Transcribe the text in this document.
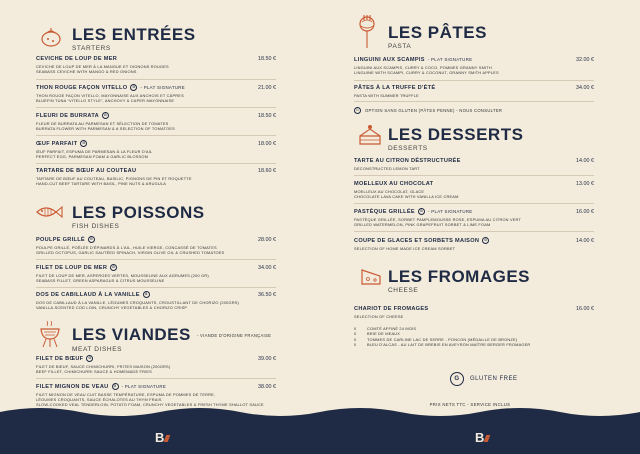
LES ENTRÉES
STARTERS
CEVICHE DE LOUP DE MER	18.50 €
CEVICHE DE LOUP DE MER À LA MANGUE ET OIGNONS ROUGES
SEABASS CEVICHE WITH MANGO & RED ONIONS
THON ROUGE FAÇON VITELLO G - PLAT SIGNATURE	21.00 €
THON ROUGE FAÇON VITELLO, MAYONNAISE AUX ANCHOIS ET CÂPRES
BLUEFIN TUNA “VITELLO STYLE”, ANCHOVY & CAPER MAYONNAISE
FLEURI DE BURRATA G	18.50 €
FLEUR DE BURRATA AU PARMESAN ET SÉLECTION DE TOMATES
BURRATA FLOWER WITH PARMESAN & A SELECTION OF TOMATOES
ŒUF PARFAIT G	18.00 €
ŒUF PARFAIT, ESPUMA DE PARMESAN À LA FLEUR D'AIL
PERFECT EGG, PARMESAN FOAM & GARLIC BLOSSOM
TARTARE DE BŒUF AU COUTEAU	18.60 €
TARTARE DE BŒUF AU COUTEAU, BASILIC, PIGNONS DE PIN ET ROQUETTE
HAND-CUT BEEF TARTARE WITH BASIL, PINE NUTS & ARUGULA
LES POISSONS
FISH DISHES
POULPE GRILLÉ G	28.00 €
POULPE GRILLÉ, POÊLÉE D'ÉPINARDS À L'AIL, HUILE VIERGE, CONCASSÉ DE TOMATES
GRILLED OCTOPUS, GARLIC SAUTÉED SPINACH, VIRGIN OLIVE OIL & CRUSHED TOMATOES
FILET DE LOUP DE MER G	34.00 €
FILET DE LOUP DE MER, ASPERGES VERTES, MOUSSELINE AUX AGRUMES (200 GR)
SEABASS FILLET, GREEN ASPARAGUS & CITRUS MOUSSELINE
DOS DE CABILLAUD À LA VANILLE G	36.50 €
DOS DE CABILLAUD À LA VANILLE, LÉGUMES CROQUANTS, CROUSTILLANT DE CHORIZO (200GRS)
VANILLA-SCENTED COD LOIN, CRUNCHY VEGETABLES & CHORIZO CRISP
LES VIANDES - VIANDE D'ORIGINE FRANÇAISE
MEAT DISHES
FILET DE BŒUF G	39.00 €
FILET DE BŒUF, SAUCE CHIMICHURRI, FRITES MAISON (200GRS)
BEEF FILLET, CHIMICHURRI SAUCE & HOMEMADE FRIES
FILET MIGNON DE VEAU G - PLAT SIGNATURE	38.00 €
FILET MIGNON DE VEAU CUIT BASSE TEMPÉRATURE, ESPUMA DE POMMES DE TERRE,
LÉGUMES CROQUANTS, SAUCE ÉCHALOTES AU THYM FRAIS
SLOW-COOKED VEAL TENDERLOIN, POTATO FOAM, CRUNCHY VEGETABLES & FRESH THYME SHALLOT SAUCE
LES PÂTES
PASTA
LINGUINI AUX SCAMPIS - PLAT SIGNATURE	32.00 €
LINGUINI AUX SCAMPIS, CURRY & COCO, POMMES GRANNY SMITH
LINGUINE WITH SCAMPI, CURRY & COCONUT, GRANNY SMITH APPLES
PÂTES À LA TRUFFE D'ÉTÉ	34.00 €
PASTA WITH SUMMER TRUFFLE
G	OPTION SANS GLUTEN (PÂTES PENNE) - NOUS CONSULTER
LES DESSERTS
DESSERTS
TARTE AU CITRON DÉSTRUCTURÉE	14.00 €
DECONSTRUCTED LEMON TART
MOELLEUX AU CHOCOLAT	13.00 €
MOELLEUX AU CHOCOLAT, GLACE
CHOCOLATE LAVA CAKE WITH VANILLA ICE CREAM
PASTÈQUE GRILLÉE G - PLAT SIGNATURE	16.00 €
PASTÈQUE GRILLÉE, SORBET PAMPLEMOUSSE ROSE, ESPUMA AU CITRON VERT
GRILLED WATERMELON, PINK GRAPEFRUIT SORBET & LIME FOAM
COUPE DE GLACES ET SORBETS MAISON G	14.00 €
SELECTION OF HOME MADE ICE CREAM SORBET
LES FROMAGES
CHEESE
CHARIOT DE FROMAGES	16.00 €
SELECTION OF CHEESE
0	COMTÉ AFFINÉ 24 MOIS
0	BRIE DE MEAUX
0	TOMMES DE CARLINE LAC DE SERRE - PONCON (MÉDAILLE DE BRONZE)
0	BLEU D'ALCAS - AU LAIT DE BREBIS EN AVEYRON MAÎTRE BERGER FROMAGER
G	GLUTEN FREE
PRIX NETS TTC - SERVICE INCLUS
B	B
